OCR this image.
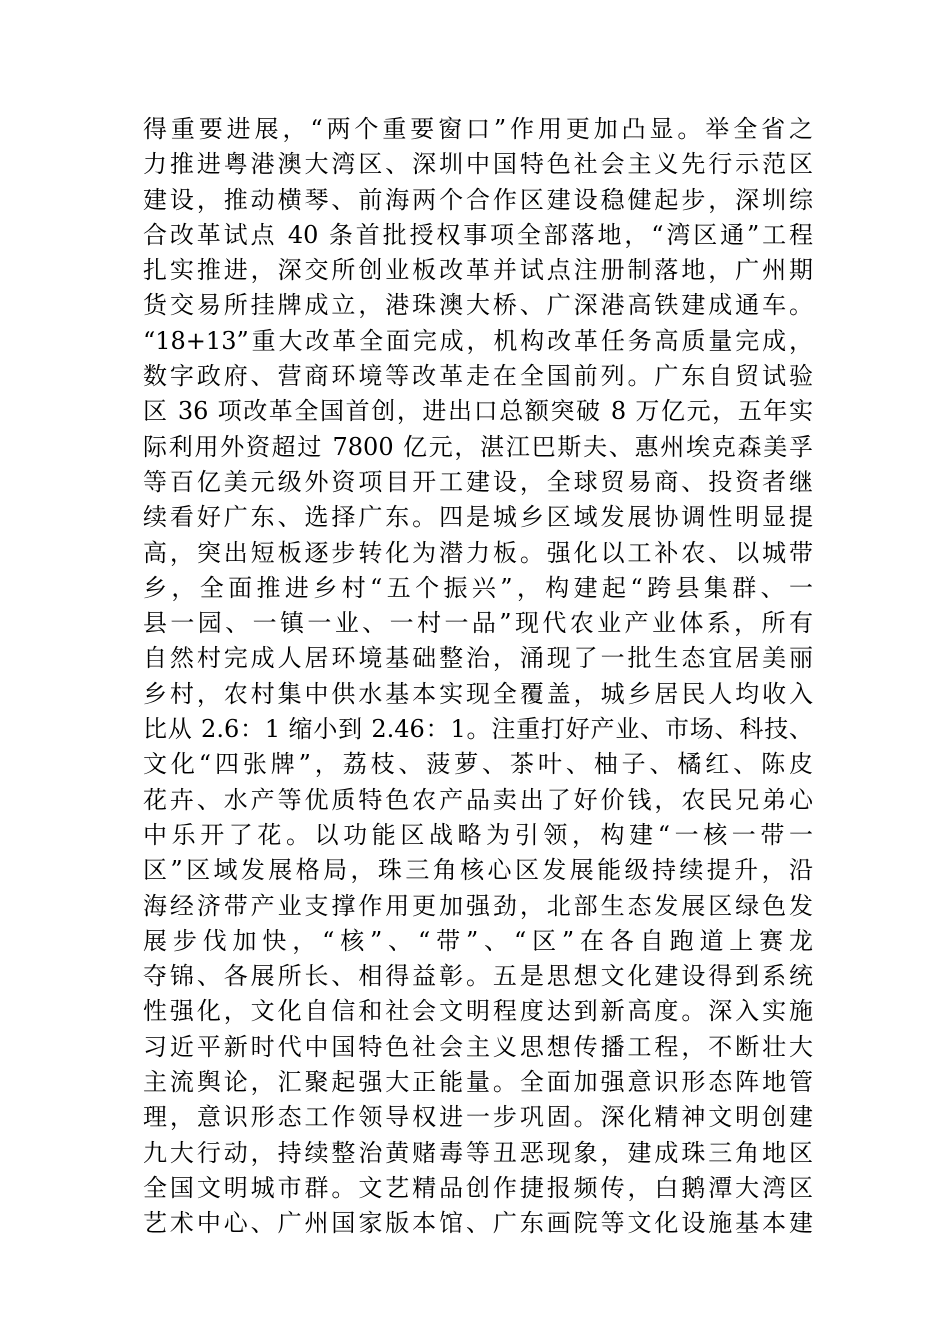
得重要进展，“两个重要窗口”作用更加凸显。举全省之
力推进粤港澳大湾区、深圳中国特色社会主义先行示范区
建设，推动横琴、前海两个合作区建设稳健起步，深圳综
合改革试点 40 条首批授权事项全部落地，“湾区通”工程
扎实推进，深交所创业板改革并试点注册制落地，广州期
货交易所挂牌成立，港珠澳大桥、广深港高铁建成通车。
“18+13”重大改革全面完成，机构改革任务高质量完成，
数字政府、营商环境等改革走在全国前列。广东自贸试验
区 36 项改革全国首创，进出口总额突破 8 万亿元，五年实
际利用外资超过 7800 亿元，湛江巴斯夫、惠州埃克森美孚
等百亿美元级外资项目开工建设，全球贸易商、投资者继
续看好广东、选择广东。四是城乡区域发展协调性明显提
高，突出短板逐步转化为潜力板。强化以工补农、以城带
乡，全面推进乡村“五个振兴”，构建起“跨县集群、一
县一园、一镇一业、一村一品”现代农业产业体系，所有
自然村完成人居环境基础整治，涌现了一批生态宜居美丽
乡村，农村集中供水基本实现全覆盖，城乡居民人均收入
比从 2.6：1 缩小到 2.46：1。注重打好产业、市场、科技、
文化“四张牌”，荔枝、菠萝、茶叶、柚子、橘红、陈皮
花卉、水产等优质特色农产品卖出了好价钱，农民兄弟心
中乐开了花。以功能区战略为引领，构建“一核一带一
区”区域发展格局，珠三角核心区发展能级持续提升，沿
海经济带产业支撑作用更加强劲，北部生态发展区绿色发
展步伐加快，“核”、“带”、“区”在各自跑道上赛龙
夺锦、各展所长、相得益彰。五是思想文化建设得到系统
性强化，文化自信和社会文明程度达到新高度。深入实施
习近平新时代中国特色社会主义思想传播工程，不断壮大
主流舆论，汇聚起强大正能量。全面加强意识形态阵地管
理，意识形态工作领导权进一步巩固。深化精神文明创建
九大行动，持续整治黄赌毒等丑恶现象，建成珠三角地区
全国文明城市群。文艺精品创作捷报频传，白鹅潭大湾区
艺术中心、广州国家版本馆、广东画院等文化设施基本建
